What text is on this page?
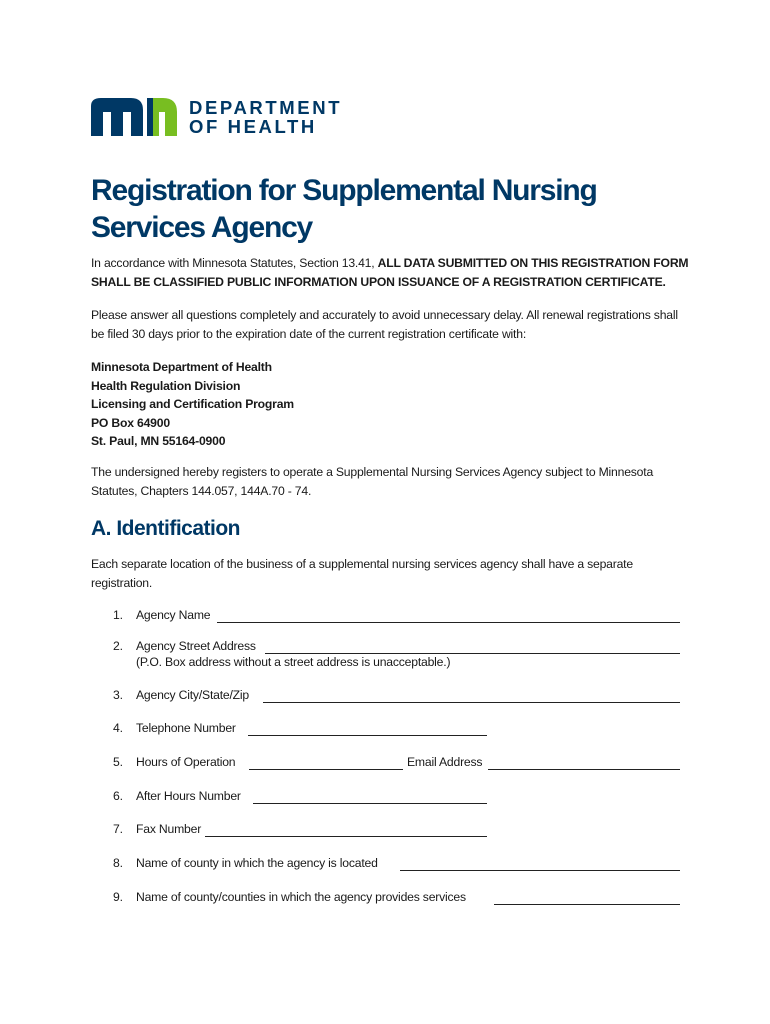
DEPARTMENT
OF HEALTH
Registration for Supplemental Nursing Services Agency

In accordance with Minnesota Statutes, Section 13.41, ALL DATA SUBMITTED ON THIS REGISTRATION FORM SHALL BE CLASSIFIED PUBLIC INFORMATION UPON ISSUANCE OF A REGISTRATION CERTIFICATE.

Please answer all questions completely and accurately to avoid unnecessary delay. All renewal registrations shall be filed 30 days prior to the expiration date of the current registration certificate with:

Minnesota Department of Health
Health Regulation Division
Licensing and Certification Program
PO Box 64900
St. Paul, MN 55164-0900

The undersigned hereby registers to operate a Supplemental Nursing Services Agency subject to Minnesota Statutes, Chapters 144.057, 144A.70 - 74.

A. Identification

Each separate location of the business of a supplemental nursing services agency shall have a separate registration.

1. Agency Name
2. Agency Street Address
(P.O. Box address without a street address is unacceptable.)
3. Agency City/State/Zip
4. Telephone Number
5. Hours of Operation	Email Address
6. After Hours Number
7. Fax Number
8. Name of county in which the agency is located
9. Name of county/counties in which the agency provides services
